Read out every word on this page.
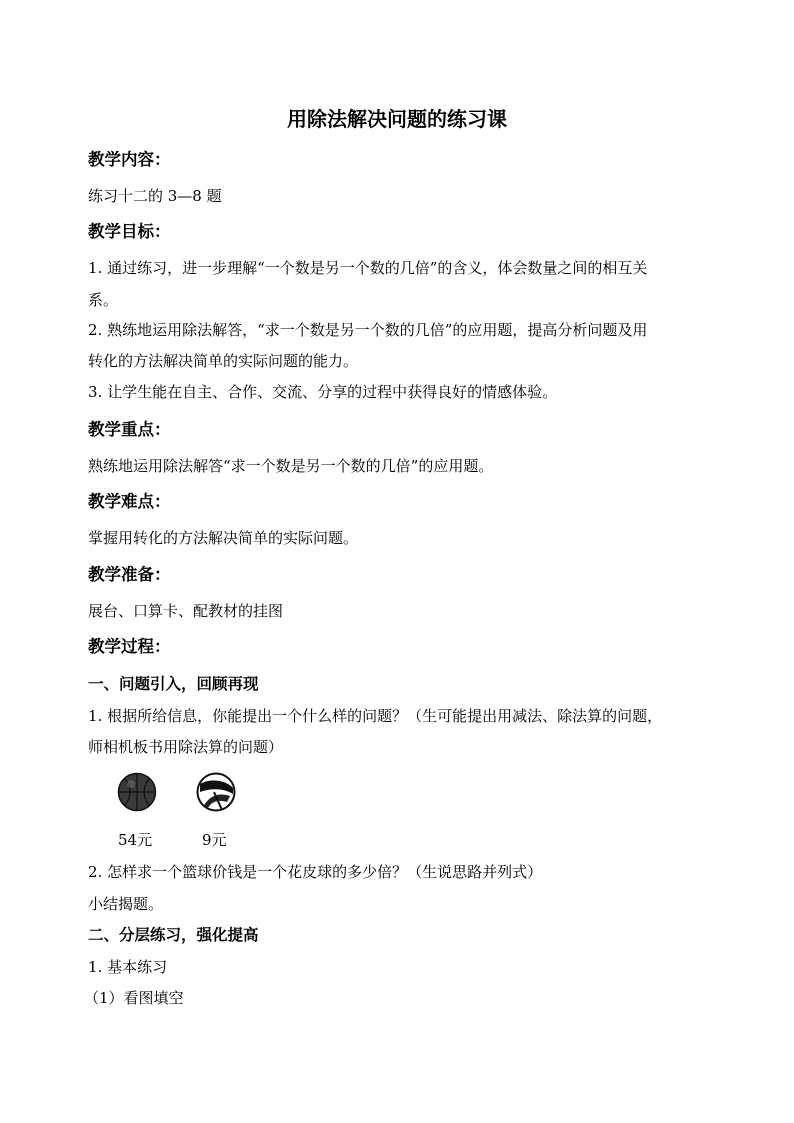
用除法解决问题的练习课
教学内容：
练习十二的 3—8 题
教学目标：
1. 通过练习，进一步理解“一个数是另一个数的几倍”的含义，体会数量之间的相互关
系。
2. 熟练地运用除法解答，“求一个数是另一个数的几倍”的应用题，提高分析问题及用
转化的方法解决简单的实际问题的能力。
3. 让学生能在自主、合作、交流、分享的过程中获得良好的情感体验。
教学重点：
熟练地运用除法解答“求一个数是另一个数的几倍”的应用题。
教学难点：
掌握用转化的方法解决简单的实际问题。
教学准备：
展台、口算卡、配教材的挂图
教学过程：
一、问题引入，回顾再现
1. 根据所给信息，你能提出一个什么样的问题？（生可能提出用减法、除法算的问题，
师相机板书用除法算的问题）
54元	9元
2. 怎样求一个篮球价钱是一个花皮球的多少倍？（生说思路并列式）
小结揭题。
二、分层练习，强化提高
1. 基本练习
（1）看图填空
